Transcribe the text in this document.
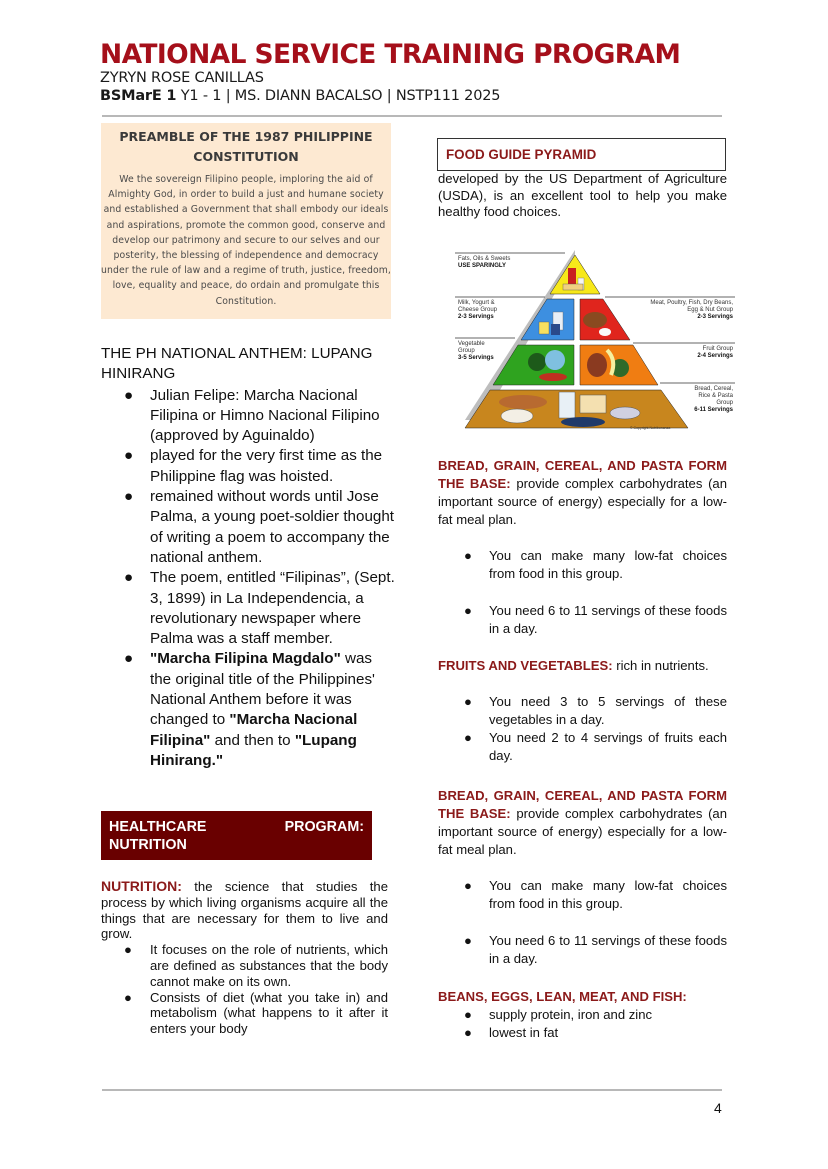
NATIONAL SERVICE TRAINING PROGRAM
ZYRYN ROSE CANILLAS
BSMarE 1 Y1 - 1 | MS. DIANN BACALSO | NSTP111 2025
PREAMBLE OF THE 1987 PHILIPPINE CONSTITUTION

We the sovereign Filipino people, imploring the aid of Almighty God, in order to build a just and humane society and established a Government that shall embody our ideals and aspirations, promote the common good, conserve and develop our patrimony and secure to our selves and our posterity, the blessing of independence and democracy under the rule of law and a regime of truth, justice, freedom, love, equality and peace, do ordain and promulgate this Constitution.

THE PH NATIONAL ANTHEM: LUPANG HINIRANG
● Julian Felipe: Marcha Nacional Filipina or Himno Nacional Filipino (approved by Aguinaldo)
● played for the very first time as the Philippine flag was hoisted.
● remained without words until Jose Palma, a young poet-soldier thought of writing a poem to accompany the national anthem.
● The poem, entitled “Filipinas”, (Sept. 3, 1899) in La Independencia, a revolutionary newspaper where Palma was a staff member.
● "Marcha Filipina Magdalo" was the original title of the Philippines' National Anthem before it was changed to "Marcha Nacional Filipina" and then to "Lupang Hinirang."
HEALTHCARE	PROGRAM:
NUTRITION

NUTRITION: the science that studies the process by which living organisms acquire all the things that are necessary for them to live and grow.

● It focuses on the role of nutrients, which are defined as substances that the body cannot make on its own.
● Consists of diet (what you take in) and metabolism (what happens to it after it enters your body
FOOD GUIDE PYRAMID
developed by the US Department of Agriculture (USDA), is an excellent tool to help you make healthy food choices.
Fats, Oils & Sweets
USE SPARINGLY
Milk, Yogurt &
Cheese Group
2-3 Servings
Meat, Poultry, Fish, Dry Beans,
Egg & Nut Group
2-3 Servings
Vegetable
Group
3-5 Servings
Fruit Group
2-4 Servings
Bread, Cereal,
Rice & Pasta
Group
6-11 Servings
© Copyright Nutribonanza

BREAD, GRAIN, CEREAL, AND PASTA FORM THE BASE: provide complex carbohydrates (an important source of energy) especially for a low- fat meal plan.

● You can make many low-fat choices from food in this group.
● You need 6 to 11 servings of these foods in a day.

FRUITS AND VEGETABLES: rich in nutrients.

● You need 3 to 5 servings of these vegetables in a day.
● You need 2 to 4 servings of fruits each day.

BREAD, GRAIN, CEREAL, AND PASTA FORM THE BASE: provide complex carbohydrates (an important source of energy) especially for a low- fat meal plan.

● You can make many low-fat choices from food in this group.
● You need 6 to 11 servings of these foods in a day.

BEANS, EGGS, LEAN, MEAT, AND FISH:

● supply protein, iron and zinc
● lowest in fat
4
